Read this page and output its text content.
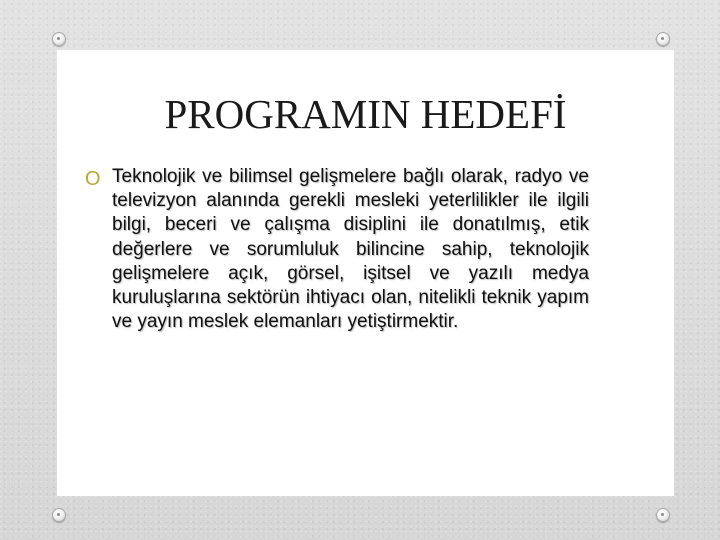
PROGRAMIN HEDEFİ
O Teknolojik ve bilimsel gelişmelere bağlı olarak, radyo ve televizyon alanında gerekli mesleki yeterlilikler ile ilgili bilgi, beceri ve çalışma disiplini ile donatılmış, etik değerlere ve sorumluluk bilincine sahip, teknolojik gelişmelere açık, görsel, işitsel ve yazılı medya kuruluşlarına sektörün ihtiyacı olan, nitelikli teknik yapım ve yayın meslek elemanları yetiştirmektir.
